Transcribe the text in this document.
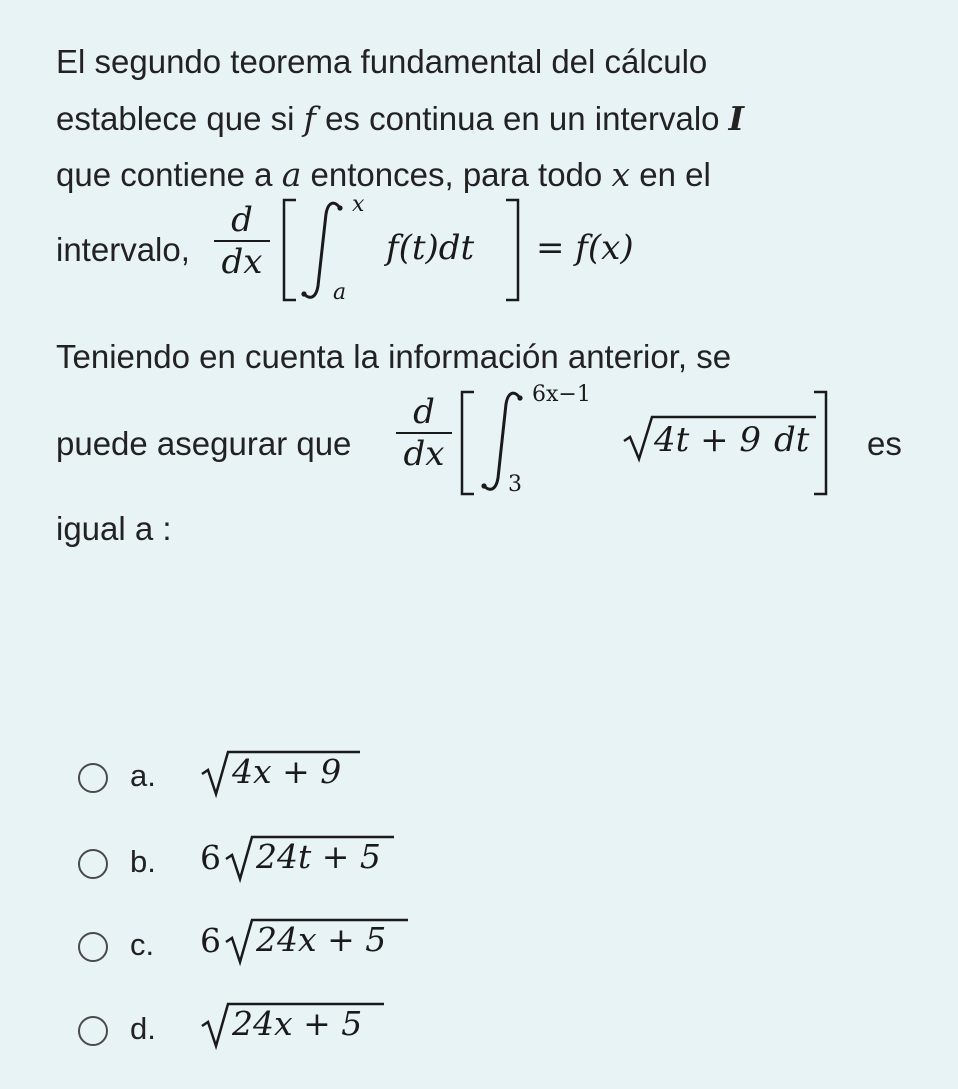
El segundo teorema fundamental del cálculo
establece que si f es continua en un intervalo I
que contiene a a entonces, para todo x en el
intervalo,
d
dx
x
a
f(t)dt = f(x)
Teniendo en cuenta la información anterior, se
puede asegurar que
d
dx
6x−1
3
4t + 9 dt es
igual a :
a. 4x + 9
b. 6 24t + 5
c. 6 24x + 5
d. 24x + 5
